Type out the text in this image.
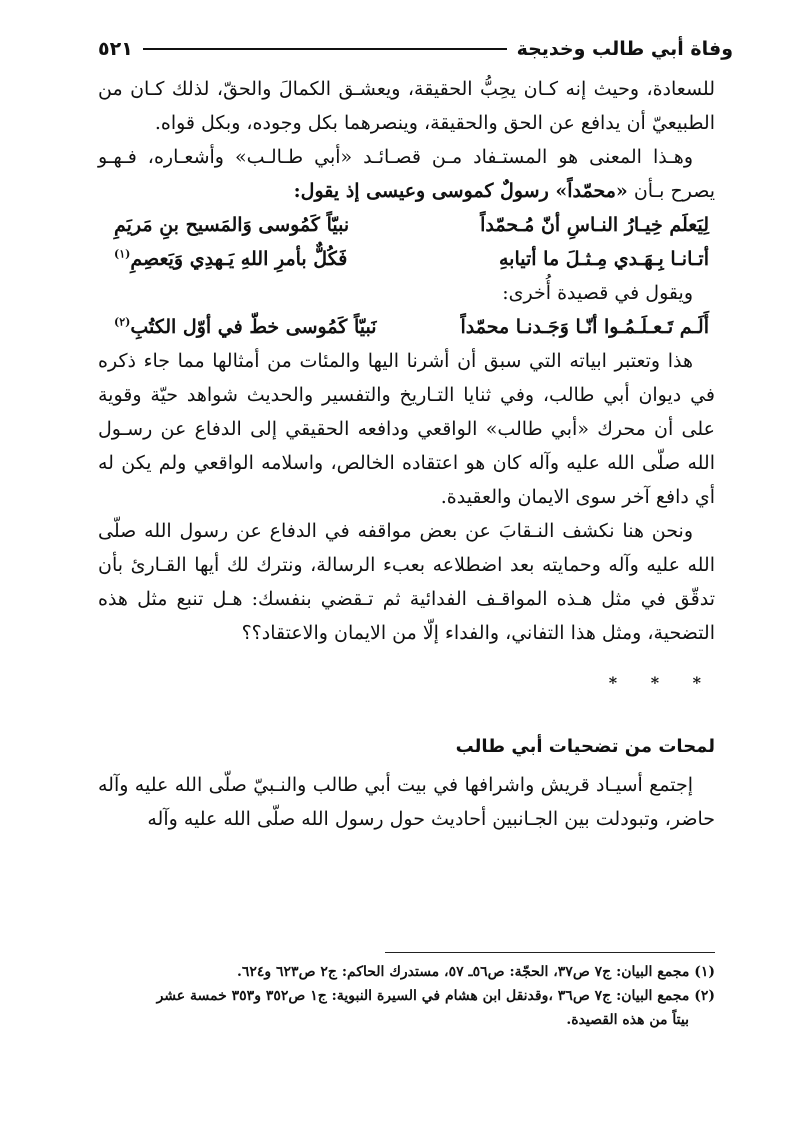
وفاة أبي طالب وخديجة
٥٢١

للسعادة، وحيث إنه كـان يحِبُّ الحقيقة، ويعشـق الكمالَ والحقّ، لذلك كـان من الطبيعيّ أن يدافع عن الحق والحقيقة، وينصرهما بكل وجوده، وبكل قواه.

وهـذا المعنى هو المستـفاد مـن قصـائـد «أبي طـالـب» وأشعـاره، فـهـو يصرح بـأن «محمّداً» رسولٌ كموسى وعيسى إذ يقول:

لِيَعلَم خِيـارُ النـاسِ أنّ مُـحمّداً
نبيّاً كَمُوسى وَالمَسيح بنِ مَريَمِ
أتـانـا بِـهَـدي مِـثـلَ ما أتيابهِ
فَكُلٌّ بأمرِ اللهِ يَـهدِي وَيَعصِمِ$^{(١)}$

ويقول في قصيدة أُخرى:

أَلَـم تَـعـلَـمُـوا أنّـا وَجَـدنـا محمّداً
نَبيّاً كَمُوسى خطّ في أوّل الكتُبِ$^{(٢)}$

هذا وتعتبر ابياته التي سبق أن أشرنا اليها والمئات من أمثالها مما جاء ذكره في ديوان أبي طالب، وفي ثنايا التـاريخ والتفسير والحديث شواهد حيّة وقوية على أن محرك «أبي طالب» الواقعي ودافعه الحقيقي إلى الدفاع عن رسـول الله صلّى الله عليه وآله كان هو اعتقاده الخالص، واسلامه الواقعي ولم يكن له أي دافع آخر سوى الايمان والعقيدة.

ونحن هنا نكشف النـقابَ عن بعض مواقفه في الدفاع عن رسول الله صلّى الله عليه وآله وحمايته بعد اضطلاعه بعبء الرسالة، ونترك لك أيها القـارئ بأن تدقّق في مثل هـذه المواقـف الفدائية ثم تـقضي بنفسك: هـل تنبع مثل هذه التضحية، ومثل هذا التفاني، والفداء إلّا من الايمان والاعتقاد؟؟

* * *
لمحات من تضحيات أبي طالب

إجتمع أسيـاد قريش واشرافها في بيت أبي طالب والنـبيّ صلّى الله عليه وآله حاضر، وتبودلت بين الجـانبين أحاديث حول رسول الله صلّى الله عليه وآله

(١) مجمع البيان: ج٧ ص٣٧، الحجّة: ص٥٦ـ ٥٧، مستدرك الحاكم: ج٢ ص٦٢٣ و٦٢٤.

(٢) مجمع البيان: ج٧ ص٣٦ ،وقدنقل ابن هشام في السيرة النبوية: ج١ ص٣٥٢ و٣٥٣ خمسة عشر

بيتاً من هذه القصيدة.
